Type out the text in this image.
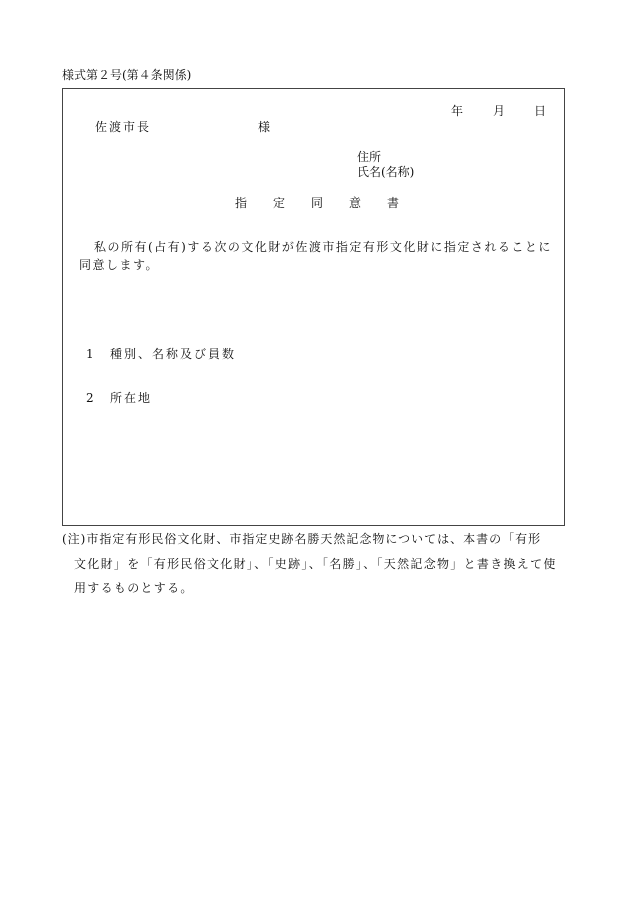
様式第２号(第４条関係)
年 月 日
佐渡市長	様
住所
氏名(名称)
指定同意書
私の所有(占有)する次の文化財が佐渡市指定有形文化財に指定されることに
同意します。
1 種別、名称及び員数
2 所在地
(注)市指定有形民俗文化財、市指定史跡名勝天然記念物については、本書の「有形
文化財」を「有形民俗文化財」、「史跡」、「名勝」、「天然記念物」と書き換えて使
用するものとする。
